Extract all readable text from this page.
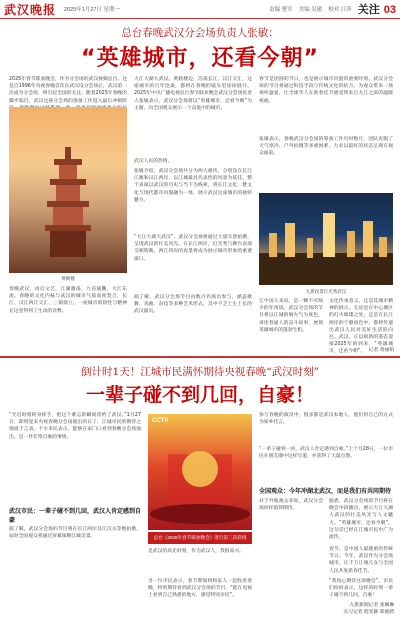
武汉晚报 2025年1月27日 星期一	责编 曹军 美编 吴敏 校对 江萍 关注 03
总台春晚武汉分会场负责人张敏：
“英雄城市，还看今朝”
2025年春节联欢晚会，作为分会场的武汉视频总台。这是自1996年央视春晚首次在武汉设分会场后，武汉第一次成为分会场，将引起全国的关注。随着2025年春晚的脚步临近，武汉这座分会场的准备工作进入最后冲刺阶
黄鹤楼
春晚武汉，再启文艺，江湖激荡，九省通衢，大江东流。春晚的文化内核与武汉的城市气质高度契合，长江、汉江两江交汇，三镇鼎立，一座城市的韧性与精神在这里得到了生动的诠释。
大江大湖大武汉。黄鹤楼边，浩荡长江，汉江交汇，这座城市的百年沧桑，都将在春晚的镜头里徐徐展开。2025年中央广播电视总台春节联欢晚会武汉分会场负责人张敏表示，武汉分会场将以“英雄城市，还看今朝”为主题，向全国观众展示一个奋进中的城市。
武汉人民的热情。
张敏介绍，武汉分会场共分为两大板块，分别设在长江江滩和汉江两岸，以江城最具代表性的风景为依托。整个表演以武汉的历史与当下为线索，将长江文化、楚文化与现代都市风貌融为一体，展示武汉这座城市的独特魅力。
“大江大湖大武汉”，武汉分会场将通过大量实景拍摄，呈现武汉的壮美风光。在长江两岸，灯光秀与舞台表演交相辉映，两江四岸的夜景将成为展示城市形象的重要窗口。
据了解，武汉分会场节目由数百名演员参与，涵盖歌舞、戏曲、杂技等多种艺术形式，其中不乏土生土长的武汉演员。
春节是团圆的节日，也是展示城市风貌的重要时刻。武汉分会场的节目将通过科技手段与传统文化的结合，为观众带来一场视听盛宴，让全球华人在新春佳节感受到来自大江之滨的温暖祝福。
张敏表示，春晚武汉分会场的筹备工作历时数月，团队克服了天气寒冷、户外拍摄等多重困难，力求以最好的状态呈现在观众面前。
九派夜景灯光秀武汉
它中国人来说，是一颗不可缺少的年夜饭。武汉分会场的节目将以江城的烟火气为底色，讲述普通人的奋斗故事，展现英雄城市的蓬勃生机。
文化传承意义，还是其城市精神的展示。无论是在中心城区的灯火璀璨之处，还是在长江两岸的宁静夜色中，都将传递出武汉人民对美好生活的向往。武汉，正以崭新的姿态迎接2025年的到来，“英雄城市，还看今朝”。 记者 黄丽娟
倒计时1天！江城市民满怀期待央视春晚“武汉时刻”
一辈子碰不到几回，自豪！
“光启时刻转身挥手，把这个难忘的瞬间留给了武汉。”1月27日，即将迎来央视春晚分会场演出的日子，江城市民的期待之情溢于言表。不少市民表示，能够在家门口看到春晚分会场演出，是一件非常自豪的事情。
武汉市民：一辈子碰不到几回，武汉人肯定感到自豪
据了解，武汉分会场的节目将在长江两岸及江汉关等地拍摄，届时全国观众将通过屏幕领略江城美景。
CCTV
总台《2025年春节联欢晚会》进行第三次彩排
是武汉的高光时刻，作为武汉人，我很高兴。
另一位市民表示，春节期间将和家人一起收看春晚，特别期待看到武汉分会场的节目，“能在电视上看到自己熟悉的地方，感觉特别亲切”。
参与春晚的演员中，很多都是武汉本地人，他们用自己的方式为家乡代言。
“一辈子碰到一回，武汉人肯定感到自豪。”上个月28日，一位市民在朋友圈中这样写道，并获得了大量点赞。
全国观众：今年冲湖北武汉，而是我们有共同期待
对于外地观众来说，武汉分会场同样值得期待。
据悉，武汉分会场的节目将在晚会中段播出，展示大江大湖大武汉的壮美风光与人文魅力。“英雄城市，还看今朝”，这句话已经在江城市民中广为流传。
春节，是中国人最隆重的传统节日。今年，武汉作为分会场城市，让千万江城儿女与全国人民共度新春佳节。
“我真心期待这场晚会”，市民们纷纷表示，这样的时刻一辈子碰不到几回，自豪！
九派新闻记者 张琳琳
实习记者 程雯静 郑展骋
